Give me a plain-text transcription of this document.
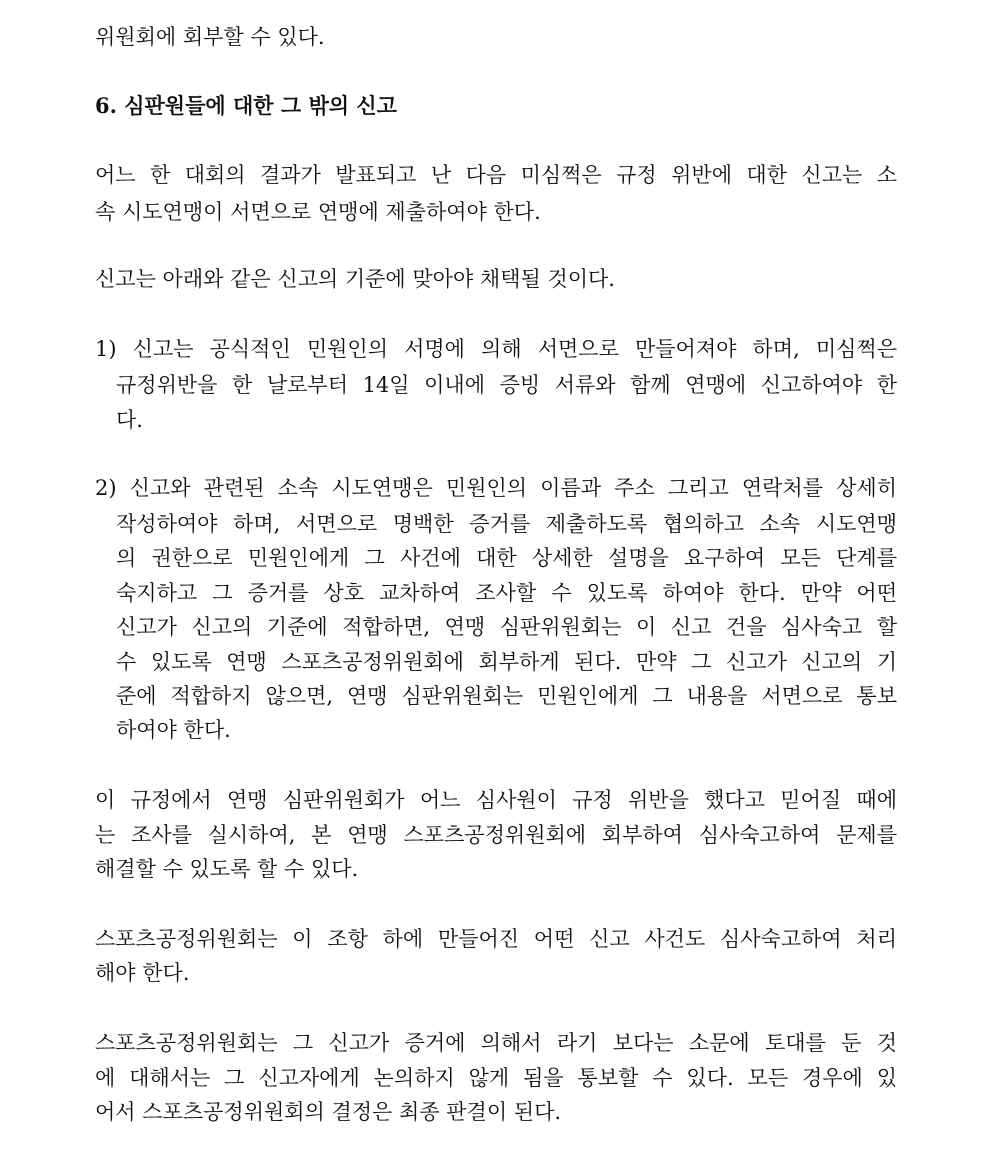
위원회에 회부할 수 있다.
6. 심판원들에 대한 그 밖의 신고
어느 한 대회의 결과가 발표되고 난 다음 미심쩍은 규정 위반에 대한 신고는 소
속 시도연맹이 서면으로 연맹에 제출하여야 한다.
신고는 아래와 같은 신고의 기준에 맞아야 채택될 것이다.
1) 신고는 공식적인 민원인의 서명에 의해 서면으로 만들어져야 하며, 미심쩍은
규정위반을 한 날로부터 14일 이내에 증빙 서류와 함께 연맹에 신고하여야 한
다.
2) 신고와 관련된 소속 시도연맹은 민원인의 이름과 주소 그리고 연락처를 상세히
작성하여야 하며, 서면으로 명백한 증거를 제출하도록 협의하고 소속 시도연맹
의 권한으로 민원인에게 그 사건에 대한 상세한 설명을 요구하여 모든 단계를
숙지하고 그 증거를 상호 교차하여 조사할 수 있도록 하여야 한다. 만약 어떤
신고가 신고의 기준에 적합하면, 연맹 심판위원회는 이 신고 건을 심사숙고 할
수 있도록 연맹 스포츠공정위원회에 회부하게 된다. 만약 그 신고가 신고의 기
준에 적합하지 않으면, 연맹 심판위원회는 민원인에게 그 내용을 서면으로 통보
하여야 한다.
이 규정에서 연맹 심판위원회가 어느 심사원이 규정 위반을 했다고 믿어질 때에
는 조사를 실시하여, 본 연맹 스포츠공정위원회에 회부하여 심사숙고하여 문제를
해결할 수 있도록 할 수 있다.
스포츠공정위원회는 이 조항 하에 만들어진 어떤 신고 사건도 심사숙고하여 처리
해야 한다.
스포츠공정위원회는 그 신고가 증거에 의해서 라기 보다는 소문에 토대를 둔 것
에 대해서는 그 신고자에게 논의하지 않게 됨을 통보할 수 있다. 모든 경우에 있
어서 스포츠공정위원회의 결정은 최종 판결이 된다.
